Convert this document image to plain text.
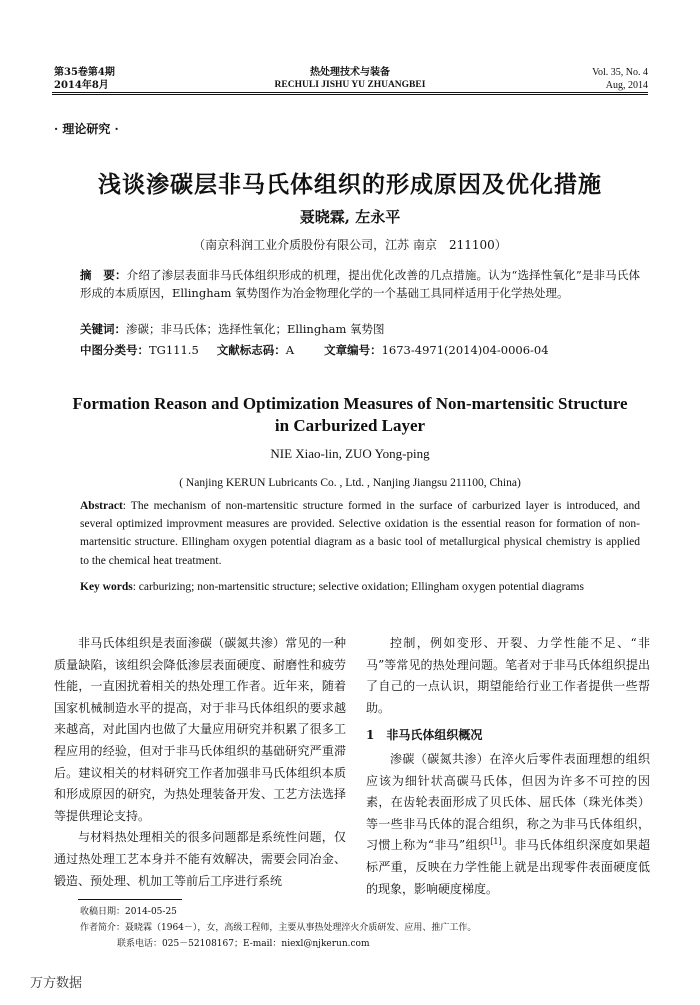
第35卷第4期
2014年8月
热处理技术与装备
RECHULI JISHU YU ZHUANGBEI
Vol. 35, No. 4
Aug, 2014
· 理论研究 ·
浅谈渗碳层非马氏体组织的形成原因及优化措施
聂晓霖, 左永平
（南京科润工业介质股份有限公司，江苏 南京　211100）
摘　要：介绍了渗层表面非马氏体组织形成的机理，提出优化改善的几点措施。认为“选择性氧化”是非马氏体形成的本质原因，Ellingham 氧势图作为冶金物理化学的一个基础工具同样适用于化学热处理。
关键词：渗碳；非马氏体；选择性氧化；Ellingham 氧势图
中图分类号：TG111.5 文献标志码：A	文章编号：1673-4971(2014)04-0006-04
Formation Reason and Optimization Measures of Non-martensitic Structure in Carburized Layer
NIE Xiao-lin, ZUO Yong-ping
( Nanjing KERUN Lubricants Co. , Ltd. , Nanjing Jiangsu 211100, China)
Abstract: The mechanism of non-martensitic structure formed in the surface of carburized layer is introduced, and several optimized improvment measures are provided. Selective oxidation is the essential reason for formation of non-martensitic structure. Ellingham oxygen potential diagram as a basic tool of metallurgical physical chemistry is applied to the chemical heat treatment.
Key words: carburizing; non-martensitic structure; selective oxidation; Ellingham oxygen potential diagrams

非马氏体组织是表面渗碳（碳氮共渗）常见的一种质量缺陷，该组织会降低渗层表面硬度、耐磨性和疲劳性能，一直困扰着相关的热处理工作者。近年来，随着国家机械制造水平的提高，对于非马氏体组织的要求越来越高，对此国内也做了大量应用研究并积累了很多工程应用的经验，但对于非马氏体组织的基础研究严重滞后。建议相关的材料研究工作者加强非马氏体组织本质和形成原因的研究，为热处理装备开发、工艺方法选择等提供理论支持。

与材料热处理相关的很多问题都是系统性问题，仅通过热处理工艺本身并不能有效解决，需要会同冶金、锻造、预处理、机加工等前后工序进行系统

控制，例如变形、开裂、力学性能不足、“非马”等常见的热处理问题。笔者对于非马氏体组织提出了自己的一点认识，期望能给行业工作者提供一些帮助。

1　非马氏体组织概况

渗碳（碳氮共渗）在淬火后零件表面理想的组织应该为细针状高碳马氏体，但因为许多不可控的因素，在齿轮表面形成了贝氏体、屈氏体（珠光体类）等一些非马氏体的混合组织，称之为非马氏体组织，习惯上称为“非马”组织[1]。非马氏体组织深度如果超标严重，反映在力学性能上就是出现零件表面硬度低的现象，影响硬度梯度。

收稿日期：2014-05-25
作者简介：聂晓霖（1964－），女，高级工程师，主要从事热处理淬火介质研发、应用、推广工作。
联系电话：025－52108167；E-mail：niexl@njkerun.com
万方数据
